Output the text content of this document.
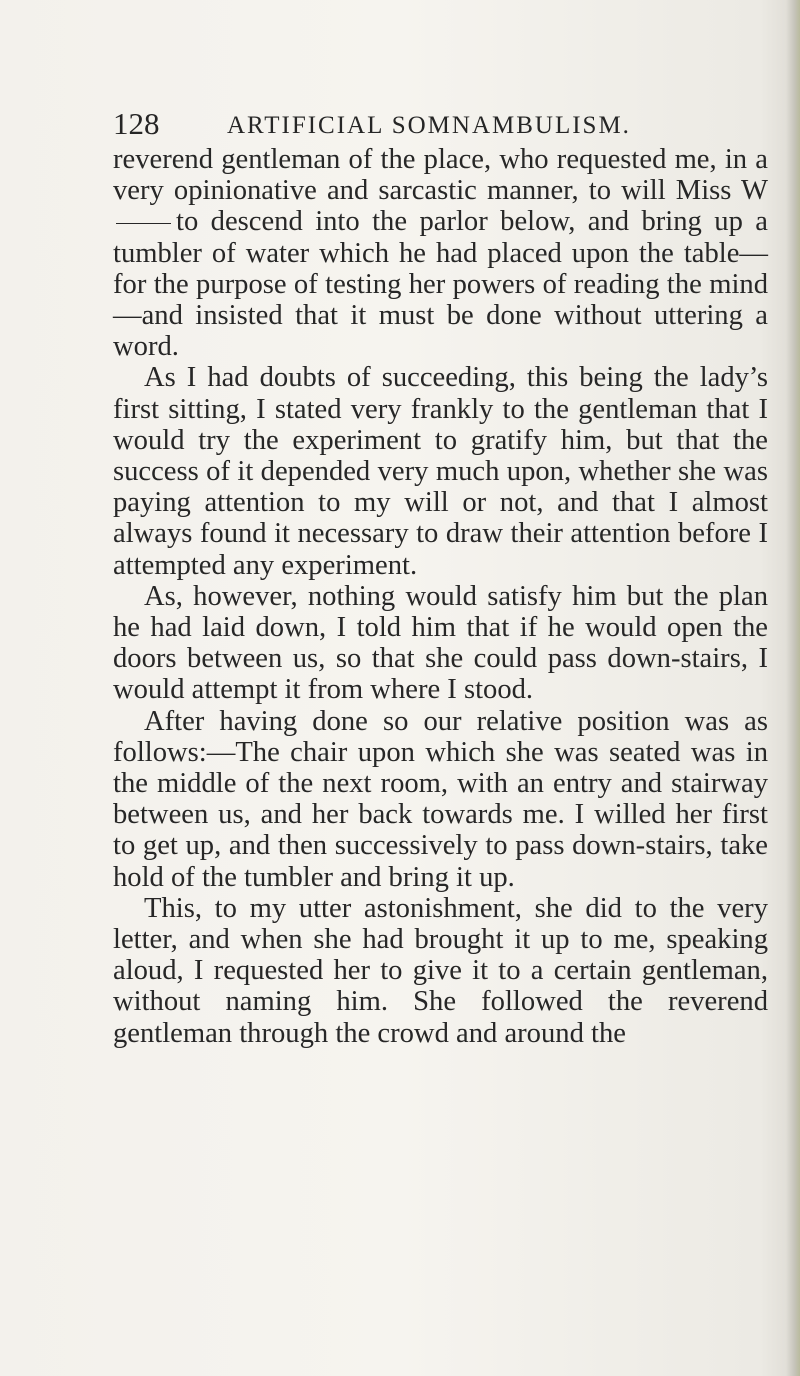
128	ARTIFICIAL SOMNAMBULISM.

reverend gentleman of the place, who requested me, in a very opinionative and sarcastic manner, to will Miss Wto descend into the parlor below, and bring up a tumbler of water which he had placed upon the table—for the purpose of testing her powers of reading the mind—and insisted that it must be done without uttering a word.

As I had doubts of succeeding, this being the lady’s first sitting, I stated very frankly to the gentleman that I would try the experiment to gratify him, but that the success of it depended very much upon, whether she was paying attention to my will or not, and that I almost always found it necessary to draw their attention before I attempted any experiment.

As, however, nothing would satisfy him but the plan he had laid down, I told him that if he would open the doors between us, so that she could pass down-stairs, I would attempt it from where I stood.

After having done so our relative position was as follows:—The chair upon which she was seated was in the middle of the next room, with an entry and stairway between us, and her back towards me. I willed her first to get up, and then successively to pass down-stairs, take hold of the tumbler and bring it up.

This, to my utter astonishment, she did to the very letter, and when she had brought it up to me, speaking aloud, I requested her to give it to a certain gentleman, without naming him. She followed the reverend gentleman through the crowd and around the
